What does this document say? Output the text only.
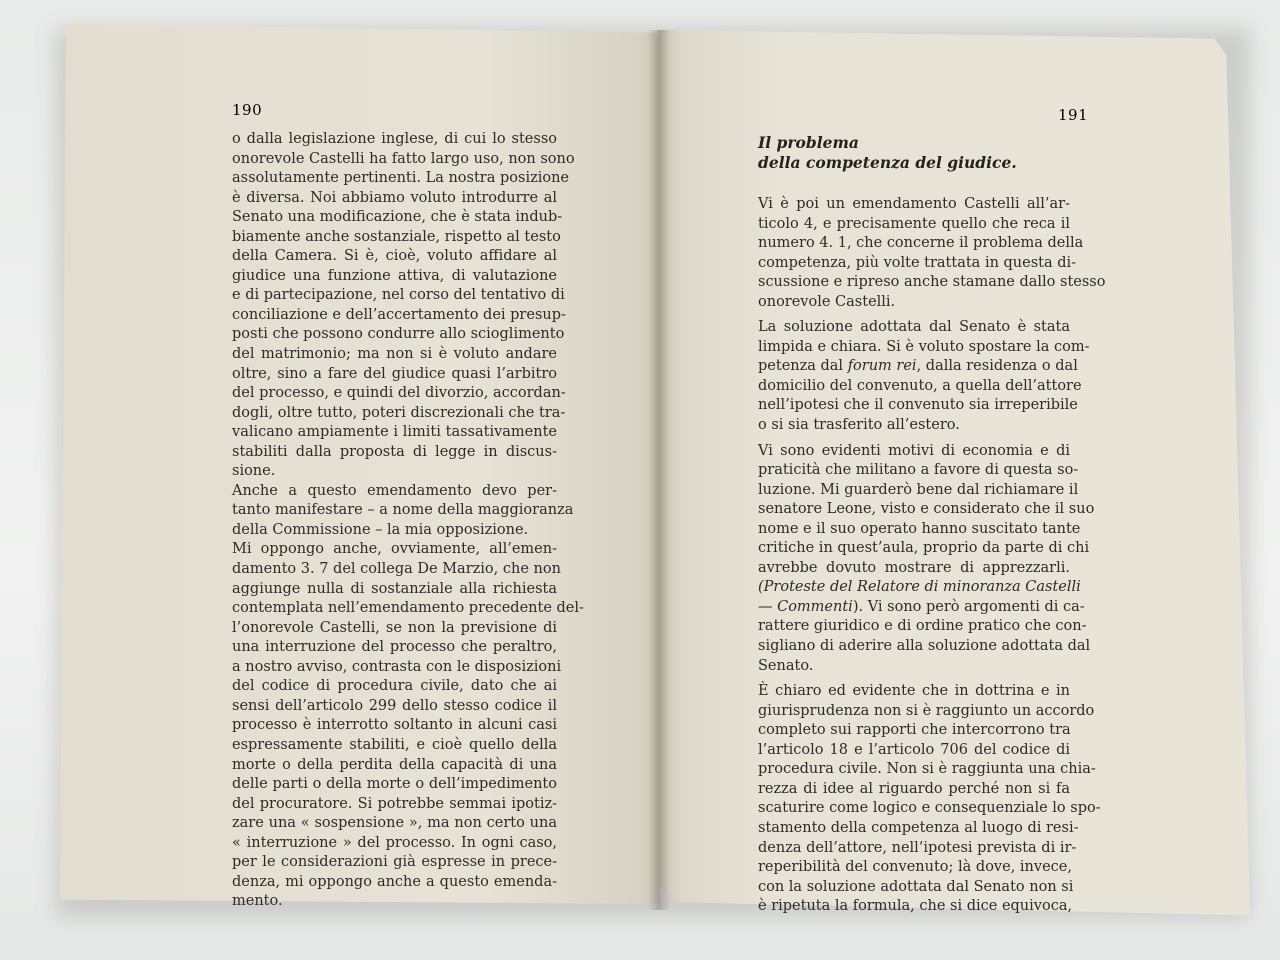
190
o dalla legislazione inglese, di cui lo stesso
onorevole Castelli ha fatto largo uso, non sono
assolutamente pertinenti. La nostra posizione
è diversa. Noi abbiamo voluto introdurre al
Senato una modificazione, che è stata indub-
biamente anche sostanziale, rispetto al testo
della Camera. Si è, cioè, voluto affidare al
giudice una funzione attiva, di valutazione
e di partecipazione, nel corso del tentativo di
conciliazione e dell’accertamento dei presup-
posti che possono condurre allo scioglimento
del matrimonio; ma non si è voluto andare
oltre, sino a fare del giudice quasi l’arbitro
del processo, e quindi del divorzio, accordan-
dogli, oltre tutto, poteri discrezionali che tra-
valicano ampiamente i limiti tassativamente
stabiliti dalla proposta di legge in discus-
sione.
Anche a questo emendamento devo per-
tanto manifestare – a nome della maggioranza
della Commissione – la mia opposizione.
Mi oppongo anche, ovviamente, all’emen-
damento 3. 7 del collega De Marzio, che non
aggiunge nulla di sostanziale alla richiesta
contemplata nell’emendamento precedente del-
l’onorevole Castelli, se non la previsione di
una interruzione del processo che peraltro,
a nostro avviso, contrasta con le disposizioni
del codice di procedura civile, dato che ai
sensi dell’articolo 299 dello stesso codice il
processo è interrotto soltanto in alcuni casi
espressamente stabiliti, e cioè quello della
morte o della perdita della capacità di una
delle parti o della morte o dell’impedimento
del procuratore. Si potrebbe semmai ipotiz-
zare una « sospensione », ma non certo una
« interruzione » del processo. In ogni caso,
per le considerazioni già espresse in prece-
denza, mi oppongo anche a questo emenda-
mento.
191
Il problema
della competenza del giudice.
Vi è poi un emendamento Castelli all’ar-
ticolo 4, e precisamente quello che reca il
numero 4. 1, che concerne il problema della
competenza, più volte trattata in questa di-
scussione e ripreso anche stamane dallo stesso
onorevole Castelli.
La soluzione adottata dal Senato è stata
limpida e chiara. Si è voluto spostare la com-
petenza dal forum rei, dalla residenza o dal
domicilio del convenuto, a quella dell’attore
nell’ipotesi che il convenuto sia irreperibile
o si sia trasferito all’estero.
Vi sono evidenti motivi di economia e di
praticità che militano a favore di questa so-
luzione. Mi guarderò bene dal richiamare il
senatore Leone, visto e considerato che il suo
nome e il suo operato hanno suscitato tante
critiche in quest’aula, proprio da parte di chi
avrebbe dovuto mostrare di apprezzarli.
(Proteste del Relatore di minoranza Castelli
— Commenti). Vi sono però argomenti di ca-
rattere giuridico e di ordine pratico che con-
sigliano di aderire alla soluzione adottata dal
Senato.
È chiaro ed evidente che in dottrina e in
giurisprudenza non si è raggiunto un accordo
completo sui rapporti che intercorrono tra
l’articolo 18 e l’articolo 706 del codice di
procedura civile. Non si è raggiunta una chia-
rezza di idee al riguardo perché non si fa
scaturire come logico e consequenziale lo spo-
stamento della competenza al luogo di resi-
denza dell’attore, nell’ipotesi prevista di ir-
reperibilità del convenuto; là dove, invece,
con la soluzione adottata dal Senato non si
è ripetuta la formula, che si dice equivoca,
